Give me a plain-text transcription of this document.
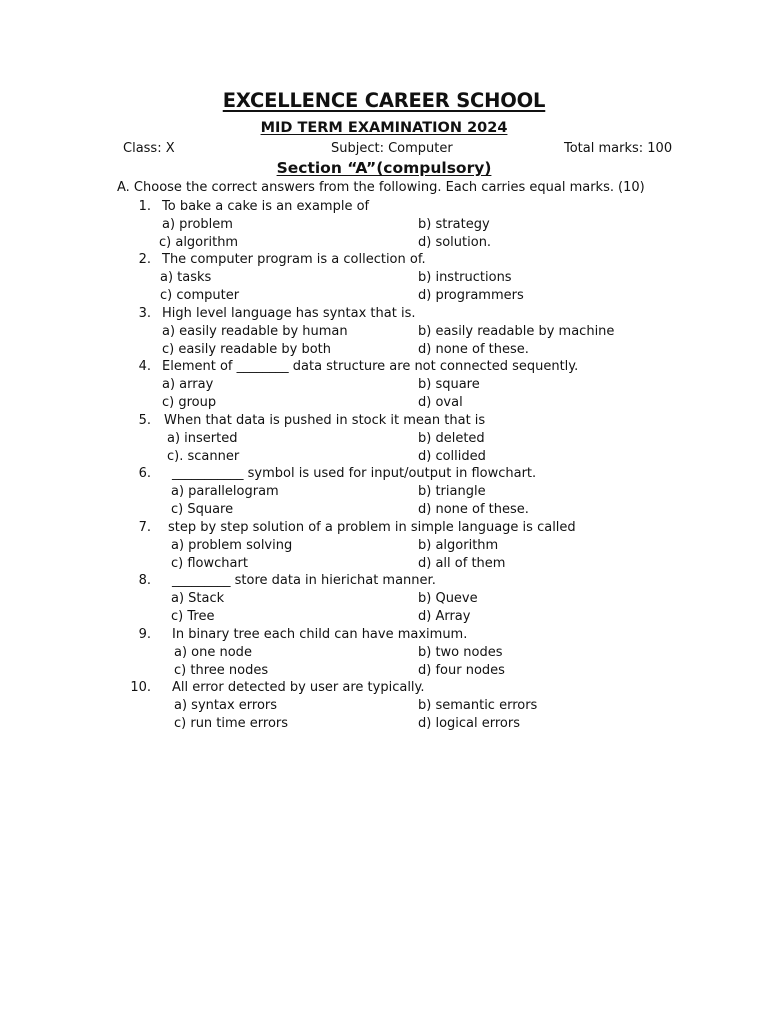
EXCELLENCE CAREER SCHOOL
MID TERM EXAMINATION 2024
Class: X	Subject: Computer	Total marks: 100
Section “A”(compulsory)
A. Choose the correct answers from the following. Each carries equal marks. (10)
1. To bake a cake is an example of
a) problem	b) strategy
c) algorithm	d) solution.
2. The computer program is a collection of.
a) tasks	b) instructions
c) computer	d) programmers
3. High level language has syntax that is.
a) easily readable by human	b) easily readable by machine
c) easily readable by both	d) none of these.
4. Element of ________ data structure are not connected sequently.
a) array	b) square
c) group	d) oval
5. When that data is pushed in stock it mean that is
a) inserted	b) deleted
c). scanner	d) collided
6. ___________ symbol is used for input/output in flowchart.
a) parallelogram	b) triangle
c) Square	d) none of these.
7. step by step solution of a problem in simple language is called
a) problem solving	b) algorithm
c) flowchart	d) all of them
8. _________ store data in hierichat manner.
a) Stack	b) Queve
c) Tree	d) Array
9. In binary tree each child can have maximum.
a) one node	b) two nodes
c) three nodes	d) four nodes
10. All error detected by user are typically.
a) syntax errors	b) semantic errors
c) run time errors	d) logical errors
